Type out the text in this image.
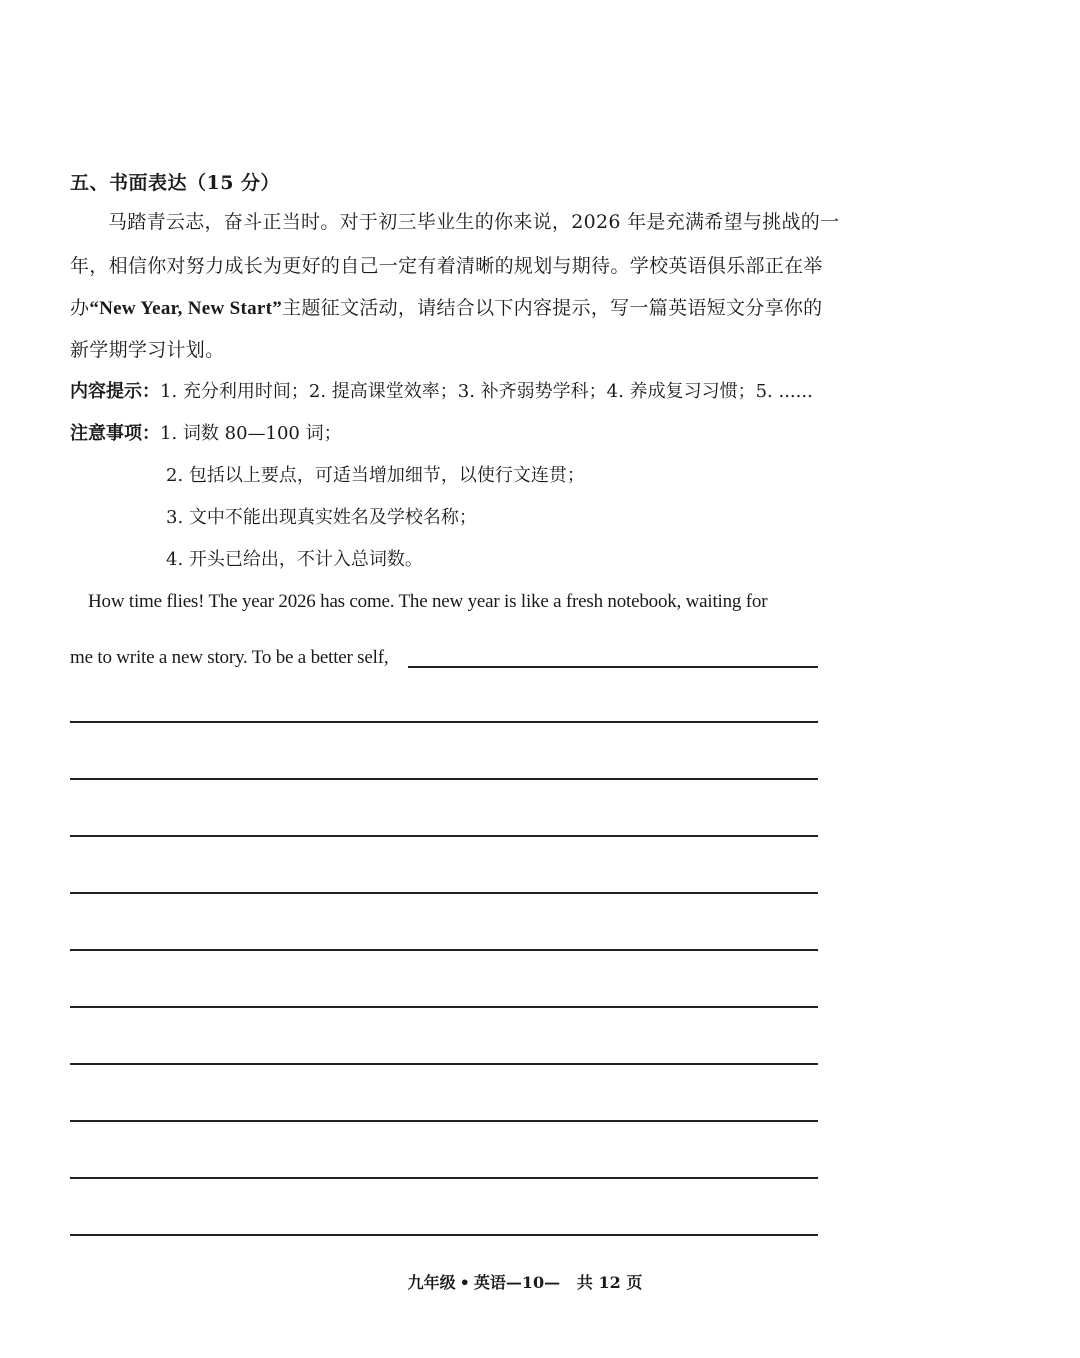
五、书面表达（15 分）
马踏青云志，奋斗正当时。对于初三毕业生的你来说，2026 年是充满希望与挑战的一
年，相信你对努力成长为更好的自己一定有着清晰的规划与期待。学校英语俱乐部正在举
办“New Year, New Start”主题征文活动，请结合以下内容提示，写一篇英语短文分享你的
新学期学习计划。
内容提示：1. 充分利用时间；2. 提高课堂效率；3. 补齐弱势学科；4. 养成复习习惯；5. ......
注意事项：1. 词数 80—100 词；
2. 包括以上要点，可适当增加细节，以使行文连贯；
3. 文中不能出现真实姓名及学校名称；
4. 开头已给出，不计入总词数。
How time flies! The year 2026 has come. The new year is like a fresh notebook, waiting for
me to write a new story. To be a better self,
九年级 • 英语—10— 共 12 页
